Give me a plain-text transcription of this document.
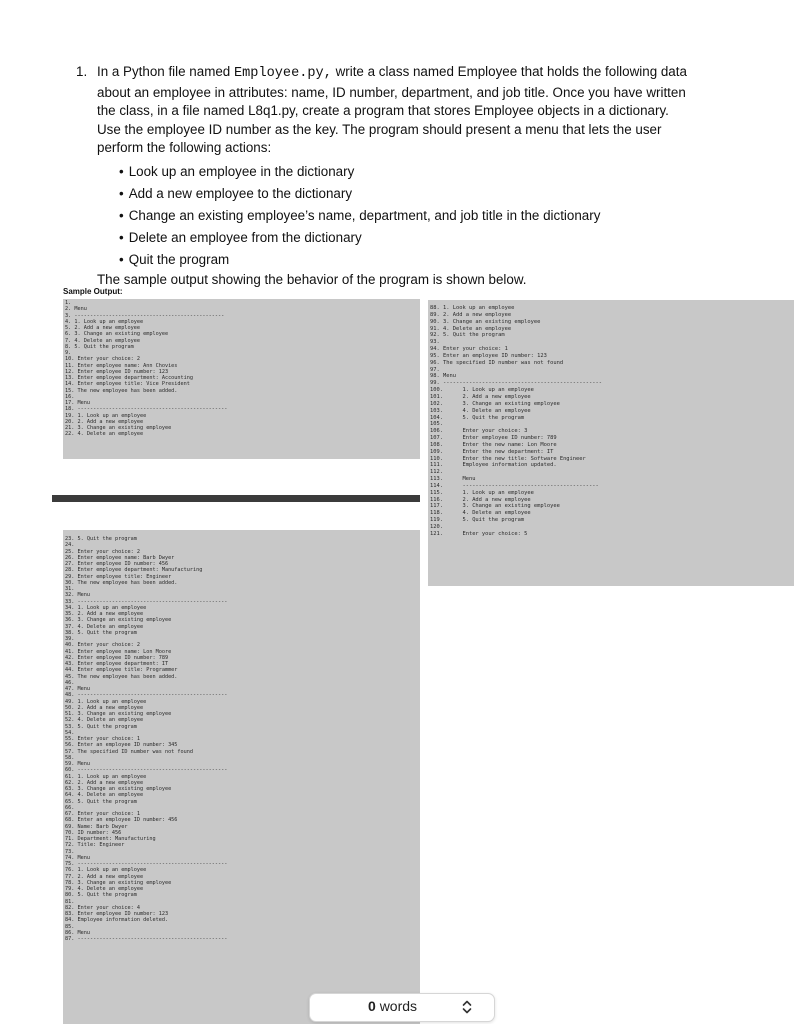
1. In a Python file named Employee.py, write a class named Employee that holds the following data about an employee in attributes: name, ID number, department, and job title. Once you have written the class, in a file named L8q1.py, create a program that stores Employee objects in a dictionary. Use the employee ID number as the key. The program should present a menu that lets the user perform the following actions:
• Look up an employee in the dictionary
• Add a new employee to the dictionary
• Change an existing employee’s name, department, and job title in the dictionary
• Delete an employee from the dictionary
• Quit the program
The sample output showing the behavior of the program is shown below.
Sample Output:
1.
2. Menu
3. ------------------------------------------------
4. 1. Look up an employee
5. 2. Add a new employee
6. 3. Change an existing employee
7. 4. Delete an employee
8. 5. Quit the program
9.
10. Enter your choice: 2
11. Enter employee name: Ann Chovies
12. Enter employee ID number: 123
13. Enter employee department: Accounting
14. Enter employee title: Vice President
15. The new employee has been added.
16.
17. Menu
18. ------------------------------------------------
19. 1. Look up an employee
20. 2. Add a new employee
21. 3. Change an existing employee
22. 4. Delete an employee
23. 5. Quit the program
24.
25. Enter your choice: 2
26. Enter employee name: Barb Dwyer
27. Enter employee ID number: 456
28. Enter employee department: Manufacturing
29. Enter employee title: Engineer
30. The new employee has been added.
31.
32. Menu
33. ------------------------------------------------
34. 1. Look up an employee
35. 2. Add a new employee
36. 3. Change an existing employee
37. 4. Delete an employee
38. 5. Quit the program
39.
40. Enter your choice: 2
41. Enter employee name: Lon Moore
42. Enter employee ID number: 789
43. Enter employee department: IT
44. Enter employee title: Programmer
45. The new employee has been added.
46.
47. Menu
48. ------------------------------------------------
49. 1. Look up an employee
50. 2. Add a new employee
51. 3. Change an existing employee
52. 4. Delete an employee
53. 5. Quit the program
54.
55. Enter your choice: 1
56. Enter an employee ID number: 345
57. The specified ID number was not found
58.
59. Menu
60. ------------------------------------------------
61. 1. Look up an employee
62. 2. Add a new employee
63. 3. Change an existing employee
64. 4. Delete an employee
65. 5. Quit the program
66.
67. Enter your choice: 1
68. Enter an employee ID number: 456
69. Name: Barb Dwyer
70. ID number: 456
71. Department: Manufacturing
72. Title: Engineer
73.
74. Menu
75. ------------------------------------------------
76. 1. Look up an employee
77. 2. Add a new employee
78. 3. Change an existing employee
79. 4. Delete an employee
80. 5. Quit the program
81.
82. Enter your choice: 4
83. Enter employee ID number: 123
84. Employee information deleted.
85.
86. Menu
87. ------------------------------------------------
88. 1. Look up an employee
89. 2. Add a new employee
90. 3. Change an existing employee
91. 4. Delete an employee
92. 5. Quit the program
93.
94. Enter your choice: 1
95. Enter an employee ID number: 123
96. The specified ID number was not found
97.
98. Menu
99. -------------------------------------------------
100.      1. Look up an employee
101.      2. Add a new employee
102.      3. Change an existing employee
103.      4. Delete an employee
104.      5. Quit the program
105.
106.      Enter your choice: 3
107.      Enter employee ID number: 789
108.      Enter the new name: Lon Moore
109.      Enter the new department: IT
110.      Enter the new title: Software Engineer
111.      Employee information updated.
112.
113.      Menu
114.      ------------------------------------------
115.      1. Look up an employee
116.      2. Add a new employee
117.      3. Change an existing employee
118.      4. Delete an employee
119.      5. Quit the program
120.
121.      Enter your choice: 5
0 words
